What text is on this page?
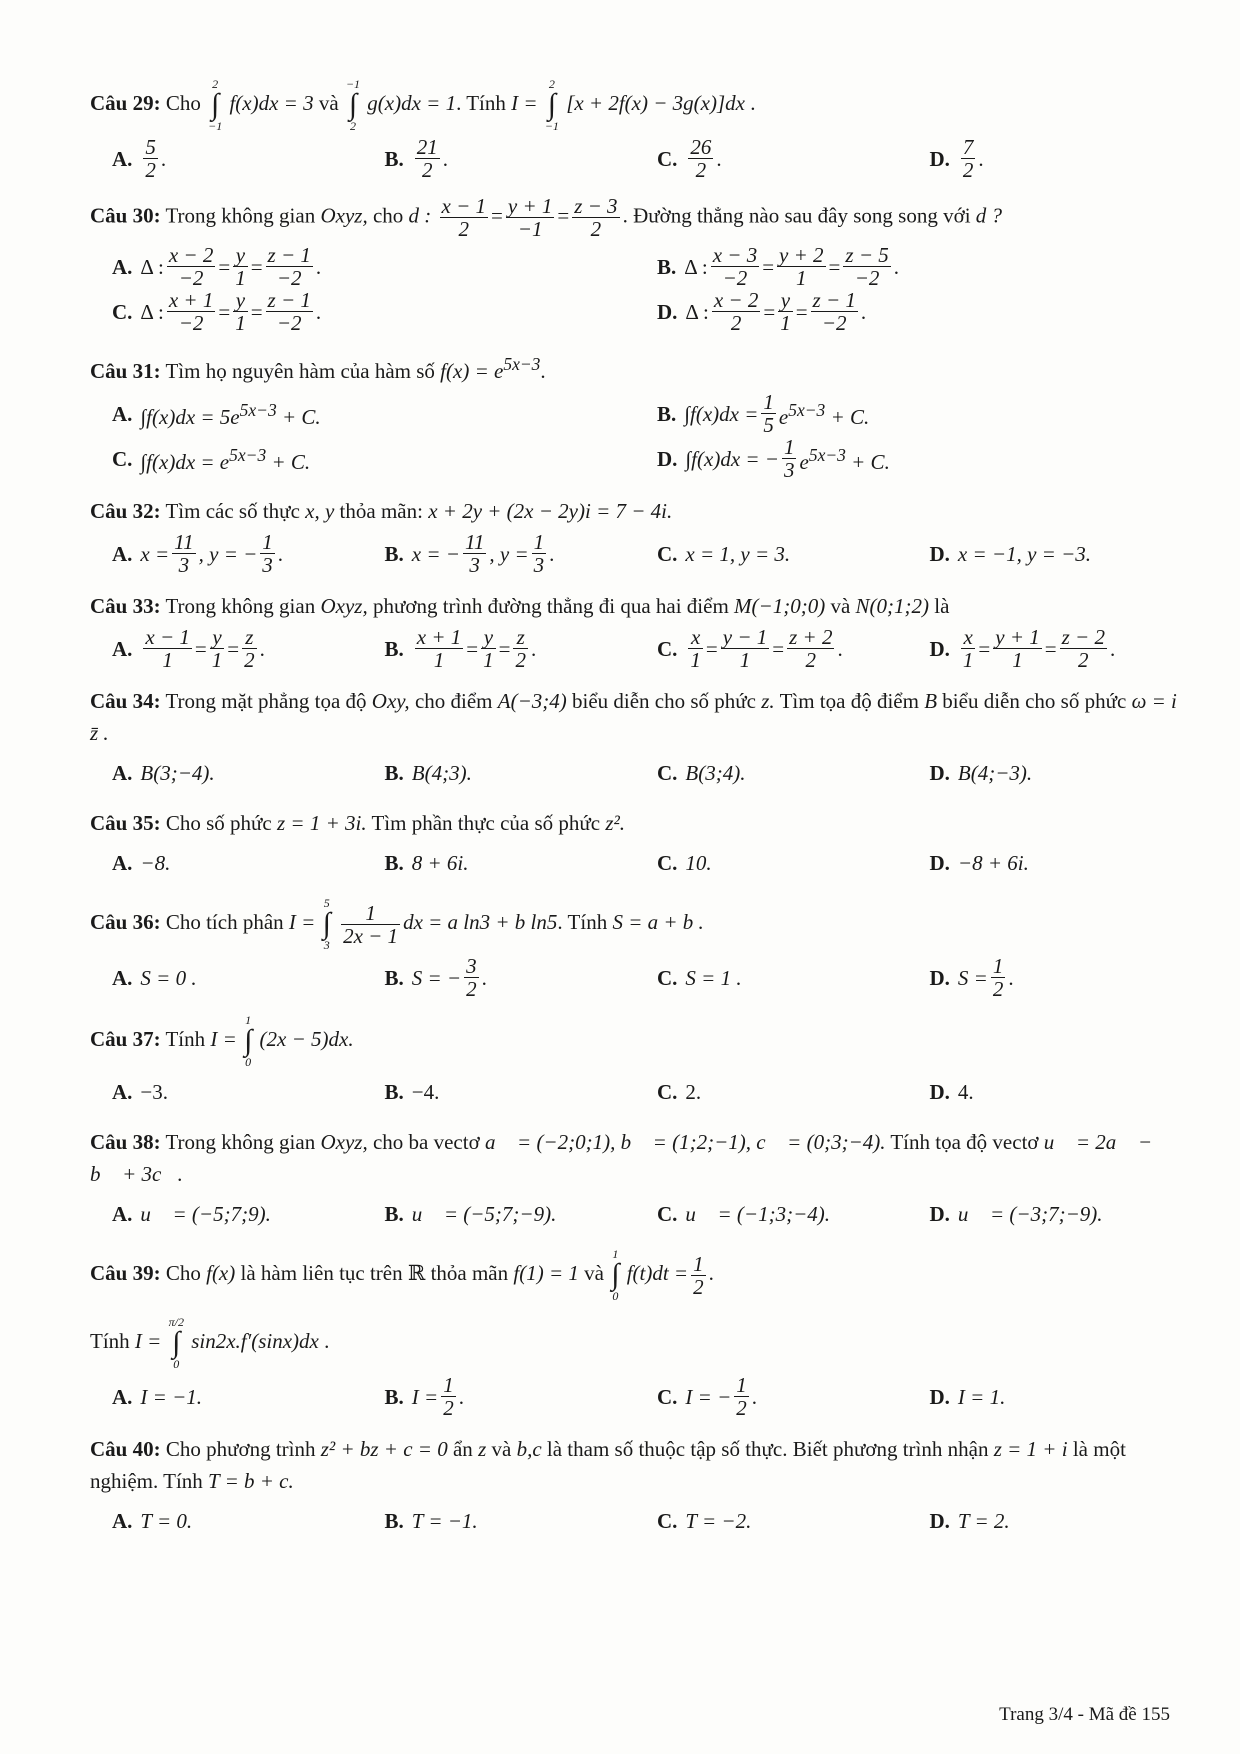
Câu 29: Cho
2
∫
−1
f(x)dx = 3 và
−1
∫
2
g(x)dx = 1. Tính I =
2
∫
−1
[x + 2f(x) − 3g(x)]dx .
A. $\frac{5}{2}$ .	B. $\frac{21}{2}$ .	C. $\frac{26}{2}$ .	D. $\frac{7}{2}$ .
Câu 30: Trong không gian Oxyz, cho d : $\frac{x - 1}{2} = \frac{y + 1}{-1} = \frac{z - 3}{2}$ . Đường thẳng nào sau đây song song với d ?
A. Δ : $\frac{x - 2}{-2} = \frac{y}{1} = \frac{z - 1}{-2}$ .	B. Δ : $\frac{x - 3}{-2} = \frac{y + 2}{1} = \frac{z - 5}{-2}$ .
C. Δ : $\frac{x + 1}{-2} = \frac{y}{1} = \frac{z - 1}{-2}$ .	D. Δ : $\frac{x - 2}{2} = \frac{y}{1} = \frac{z - 1}{-2}$ .
Câu 31: Tìm họ nguyên hàm của hàm số $f(x) = e^{5x-3}$.
A. $\int f(x)dx = 5e^{5x-3} + C$.	B. $\int f(x)dx = \frac{1}{5} e^{5x-3} + C$.
C. $\int f(x)dx = e^{5x-3} + C$.	D. ∫f(x)dx = − $\frac{1}{3} e^{5x-3} + C$.
Câu 32: Tìm các số thực x, y thỏa mãn: x + 2y + (2x − 2y)i = 7 − 4i.
A. $x = \frac{11}{3}$ , y = − $\frac{1}{3}$ .	B. x = − $\frac{11}{3}$ , $y = \frac{1}{3}$ .	C. x = 1, y = 3.	D. x = −1, y = −3.
Câu 33: Trong không gian Oxyz, phương trình đường thẳng đi qua hai điểm M(−1;0;0) và N(0;1;2) là
A. $\frac{x - 1}{1} = \frac{y}{1} = \frac{z}{2}$ .	B. $\frac{x + 1}{1} = \frac{y}{1} = \frac{z}{2}$ .	C. $\frac{x}{1} = \frac{y - 1}{1} = \frac{z + 2}{2}$ .	D. $\frac{x}{1} = \frac{y + 1}{1} = \frac{z - 2}{2}$ .
Câu 34: Trong mặt phẳng tọa độ Oxy, cho điểm A(−3;4) biểu diễn cho số phức z. Tìm tọa độ điểm B biểu diễn cho số phức ω = i z̄ .
A. B(3;−4).	B. B(4;3).	C. B(3;4).	D. B(4;−3).
Câu 35: Cho số phức z = 1 + 3i. Tìm phần thực của số phức z².
A. −8.	B. 8 + 6i.	C. 10.	D. −8 + 6i.
Câu 36: Cho tích phân I =
5
∫
3
$\frac{1}{2x - 1}$ dx = a ln3 + b ln5. Tính S = a + b .
A. S = 0 .	B. S = − $\frac{3}{2}$ .	C. S = 1 .	D. $S = \frac{1}{2}$ .
Câu 37: Tính I =
1
∫
0
(2x − 5)dx.
A. −3.	B. −4.	C. 2.	D. 4.
Câu 38: Trong không gian Oxyz, cho ba vectơ a⃗ = (−2;0;1), b⃗ = (1;2;−1), c⃗ = (0;3;−4). Tính tọa độ vectơ u⃗ = 2a⃗ − b⃗ + 3c⃗.
A. u⃗ = (−5;7;9).	B. u⃗ = (−5;7;−9).	C. u⃗ = (−1;3;−4).	D. u⃗ = (−3;7;−9).
Câu 39: Cho f(x) là hàm liên tục trên ℝ thỏa mãn f(1) = 1 và
1
∫
0
$f(t)dt = \frac{1}{2}$ .
Tính I =
π/2
∫
0
sin2x.f′(sinx)dx .
A. I = −1.	B. $I = \frac{1}{2}$ .	C. I = − $\frac{1}{2}$ .	D. I = 1.
Câu 40: Cho phương trình z² + bz + c = 0 ẩn z và b,c là tham số thuộc tập số thực. Biết phương trình nhận z = 1 + i là một nghiệm. Tính T = b + c.
A. T = 0.	B. T = −1.	C. T = −2.	D. T = 2.
Trang 3/4 - Mã đề 155
